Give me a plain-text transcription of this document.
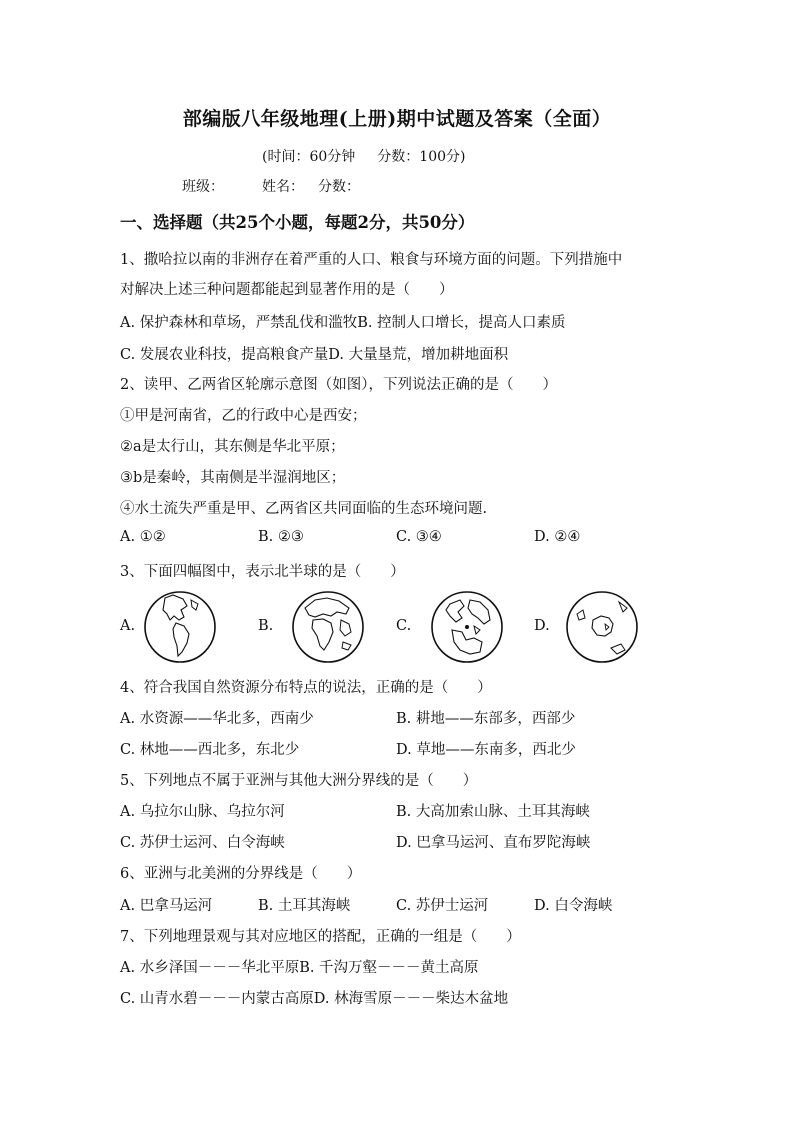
部编版八年级地理(上册)期中试题及答案（全面）
(时间：60分钟 分数：100分)
班级：	姓名： 分数：
一、选择题（共25个小题，每题2分，共50分）
1、撒哈拉以南的非洲存在着严重的人口、粮食与环境方面的问题。下列措施中
对解决上述三种问题都能起到显著作用的是（　　）
A. 保护森林和草场，严禁乱伐和滥牧B. 控制人口增长，提高人口素质
C. 发展农业科技，提高粮食产量D. 大量垦荒，增加耕地面积
2、读甲、乙两省区轮廓示意图（如图），下列说法正确的是（　　）
①甲是河南省，乙的行政中心是西安；
②a是太行山，其东侧是华北平原；
③b是秦岭，其南侧是半湿润地区；
④水土流失严重是甲、乙两省区共同面临的生态环境问题.
A. ①②	B. ②③	C. ③④	D. ②④
3、下面四幅图中，表示北半球的是（　　）
A.	B.	C.	D.
4、符合我国自然资源分布特点的说法，正确的是（　　）
A. 水资源——华北多，西南少	B. 耕地——东部多，西部少
C. 林地——西北多，东北少	D. 草地——东南多，西北少
5、下列地点不属于亚洲与其他大洲分界线的是（　　）
A. 乌拉尔山脉、乌拉尔河	B. 大高加索山脉、土耳其海峡
C. 苏伊士运河、白令海峡	D. 巴拿马运河、直布罗陀海峡
6、亚洲与北美洲的分界线是（　　）
A. 巴拿马运河	B. 土耳其海峡	C. 苏伊士运河	D. 白令海峡
7、下列地理景观与其对应地区的搭配，正确的一组是（　　）
A. 水乡泽国－－－华北平原B. 千沟万壑－－－黄土高原
C. 山青水碧－－－内蒙古高原D. 林海雪原－－－柴达木盆地
